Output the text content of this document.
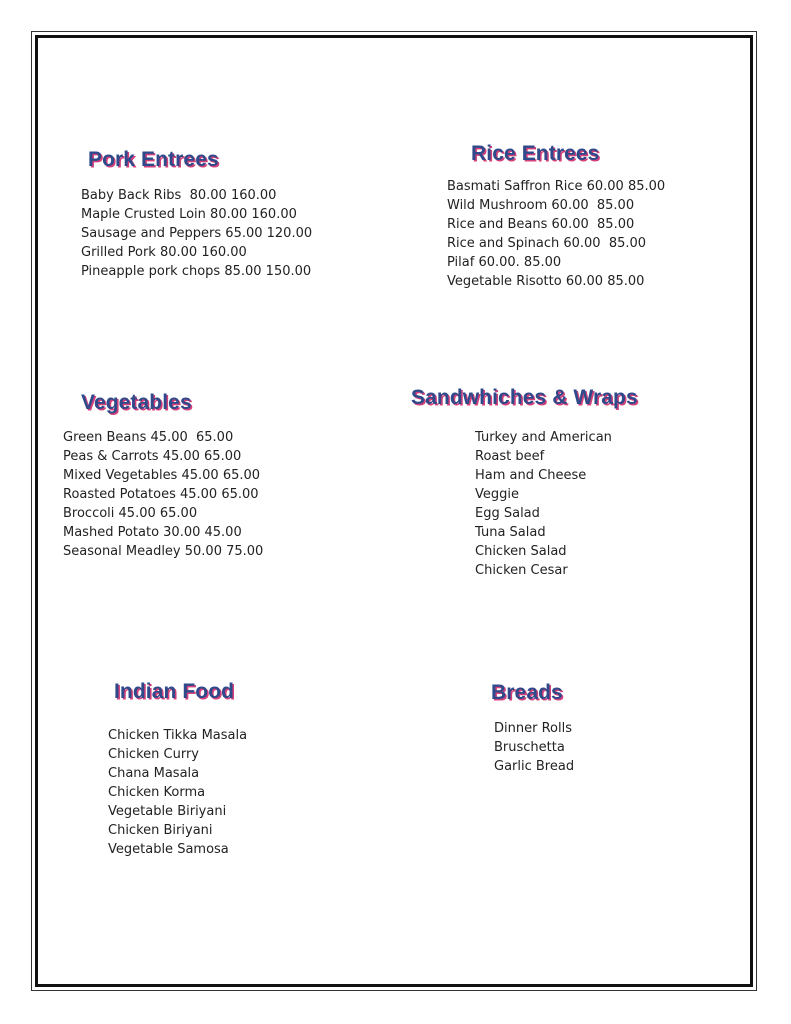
Pork Entrees
Baby Back Ribs  80.00 160.00
Maple Crusted Loin 80.00 160.00
Sausage and Peppers 65.00 120.00
Grilled Pork 80.00 160.00
Pineapple pork chops 85.00 150.00
Rice Entrees
Basmati Saffron Rice 60.00 85.00
Wild Mushroom 60.00  85.00
Rice and Beans 60.00  85.00
Rice and Spinach 60.00  85.00
Pilaf 60.00. 85.00
Vegetable Risotto 60.00 85.00
Vegetables
Green Beans 45.00  65.00
Peas & Carrots 45.00 65.00
Mixed Vegetables 45.00 65.00
Roasted Potatoes 45.00 65.00
Broccoli 45.00 65.00
Mashed Potato 30.00 45.00
Seasonal Meadley 50.00 75.00
Sandwhiches & Wraps
Turkey and American
Roast beef
Ham and Cheese
Veggie
Egg Salad
Tuna Salad
Chicken Salad
Chicken Cesar
Indian Food
Chicken Tikka Masala
Chicken Curry
Chana Masala
Chicken Korma
Vegetable Biriyani
Chicken Biriyani
Vegetable Samosa
Breads
Dinner Rolls
Bruschetta
Garlic Bread
